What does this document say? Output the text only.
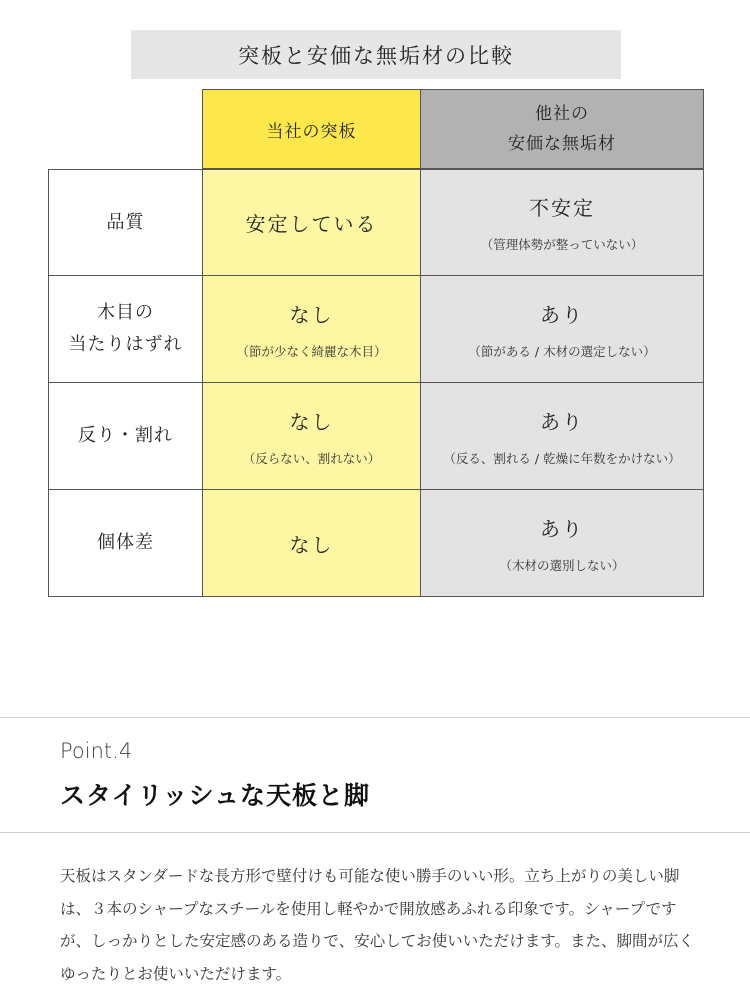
突板と安価な無垢材の比較
当社の突板
他社の
安価な無垢材
品質	安定している
不安定
（管理体勢が整っていない）
木目の
当たりはずれ
なし
（節が少なく綺麗な木目）
あり
（節がある / 木材の選定しない）
反り・割れ
なし
（反らない、割れない）
あり
（反る、割れる / 乾燥に年数をかけない）
個体差	なし
あり
（木材の選別しない）
Point.4
スタイリッシュな天板と脚

天板はスタンダードな長方形で壁付けも可能な使い勝手のいい形。立ち上がりの美しい脚は、３本のシャープなスチールを使用し軽やかで開放感あふれる印象です。シャープですが、しっかりとした安定感のある造りで、安心してお使いいただけます。また、脚間が広くゆったりとお使いいただけます。
